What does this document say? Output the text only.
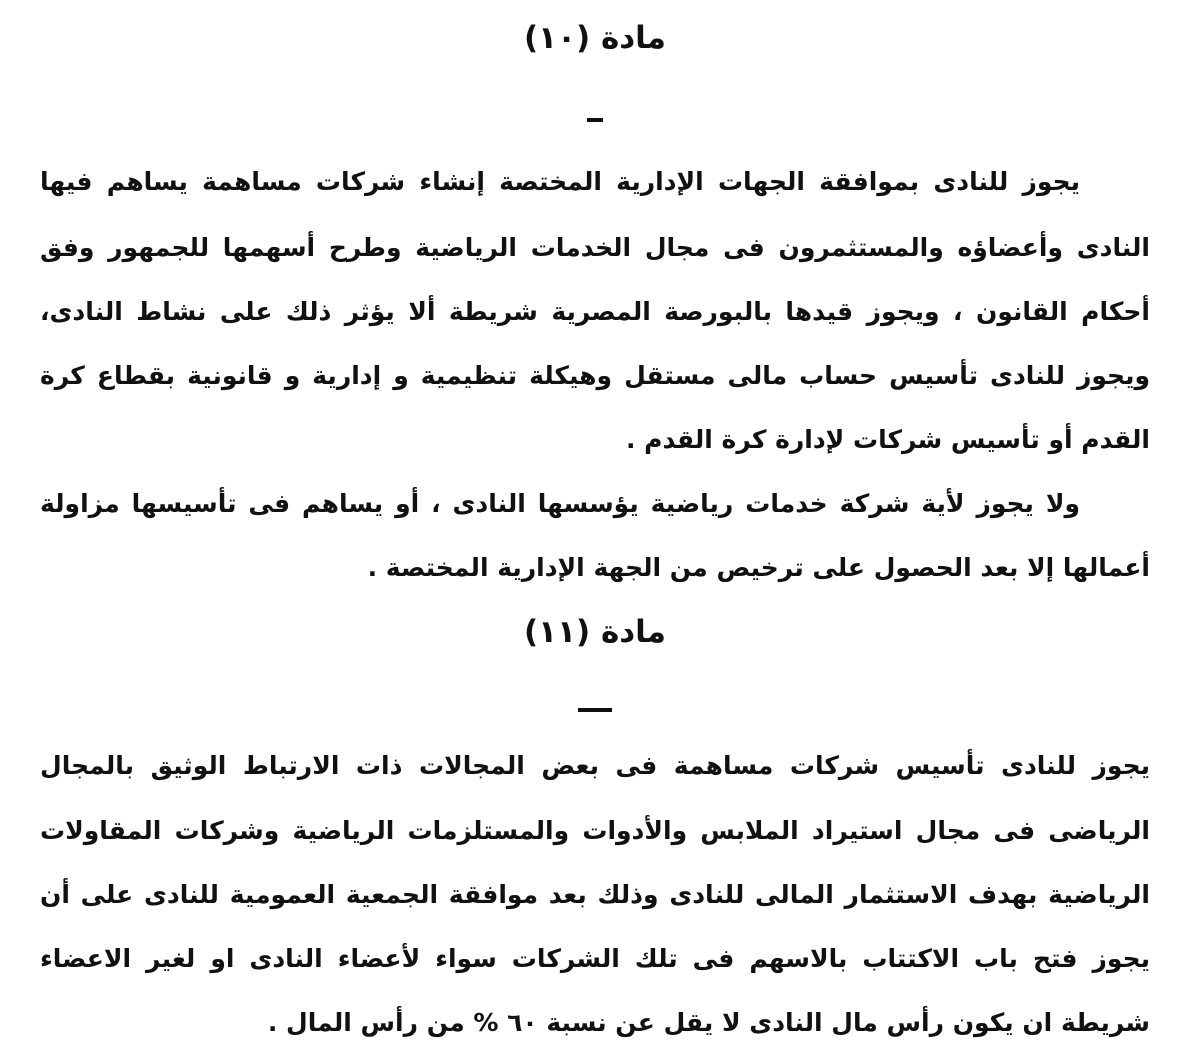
مادة (١٠)
يجوز للنادى بموافقة الجهات الإدارية المختصة إنشاء شركات مساهمة يساهم فيها
النادى وأعضاؤه والمستثمرون فى مجال الخدمات الرياضية وطرح أسهمها للجمهور وفق
أحكام القانون ، ويجوز قيدها بالبورصة المصرية شريطة ألا يؤثر ذلك على نشاط النادى،
ويجوز للنادى تأسيس حساب مالى مستقل وهيكلة تنظيمية و إدارية و قانونية بقطاع كرة
القدم أو تأسيس شركات لإدارة كرة القدم .
ولا يجوز لأية شركة خدمات رياضية يؤسسها النادى ، أو يساهم فى تأسيسها مزاولة
أعمالها إلا بعد الحصول على ترخيص من الجهة الإدارية المختصة .
مادة (١١)
يجوز للنادى تأسيس شركات مساهمة فى بعض المجالات ذات الارتباط الوثيق بالمجال
الرياضى فى مجال استيراد الملابس والأدوات والمستلزمات الرياضية وشركات المقاولات
الرياضية بهدف الاستثمار المالى للنادى وذلك بعد موافقة الجمعية العمومية للنادى على أن
يجوز فتح باب الاكتتاب بالاسهم فى تلك الشركات سواء لأعضاء النادى او لغير الاعضاء
شريطة ان يكون رأس مال النادى لا يقل عن نسبة ٦٠ % من رأس المال .
